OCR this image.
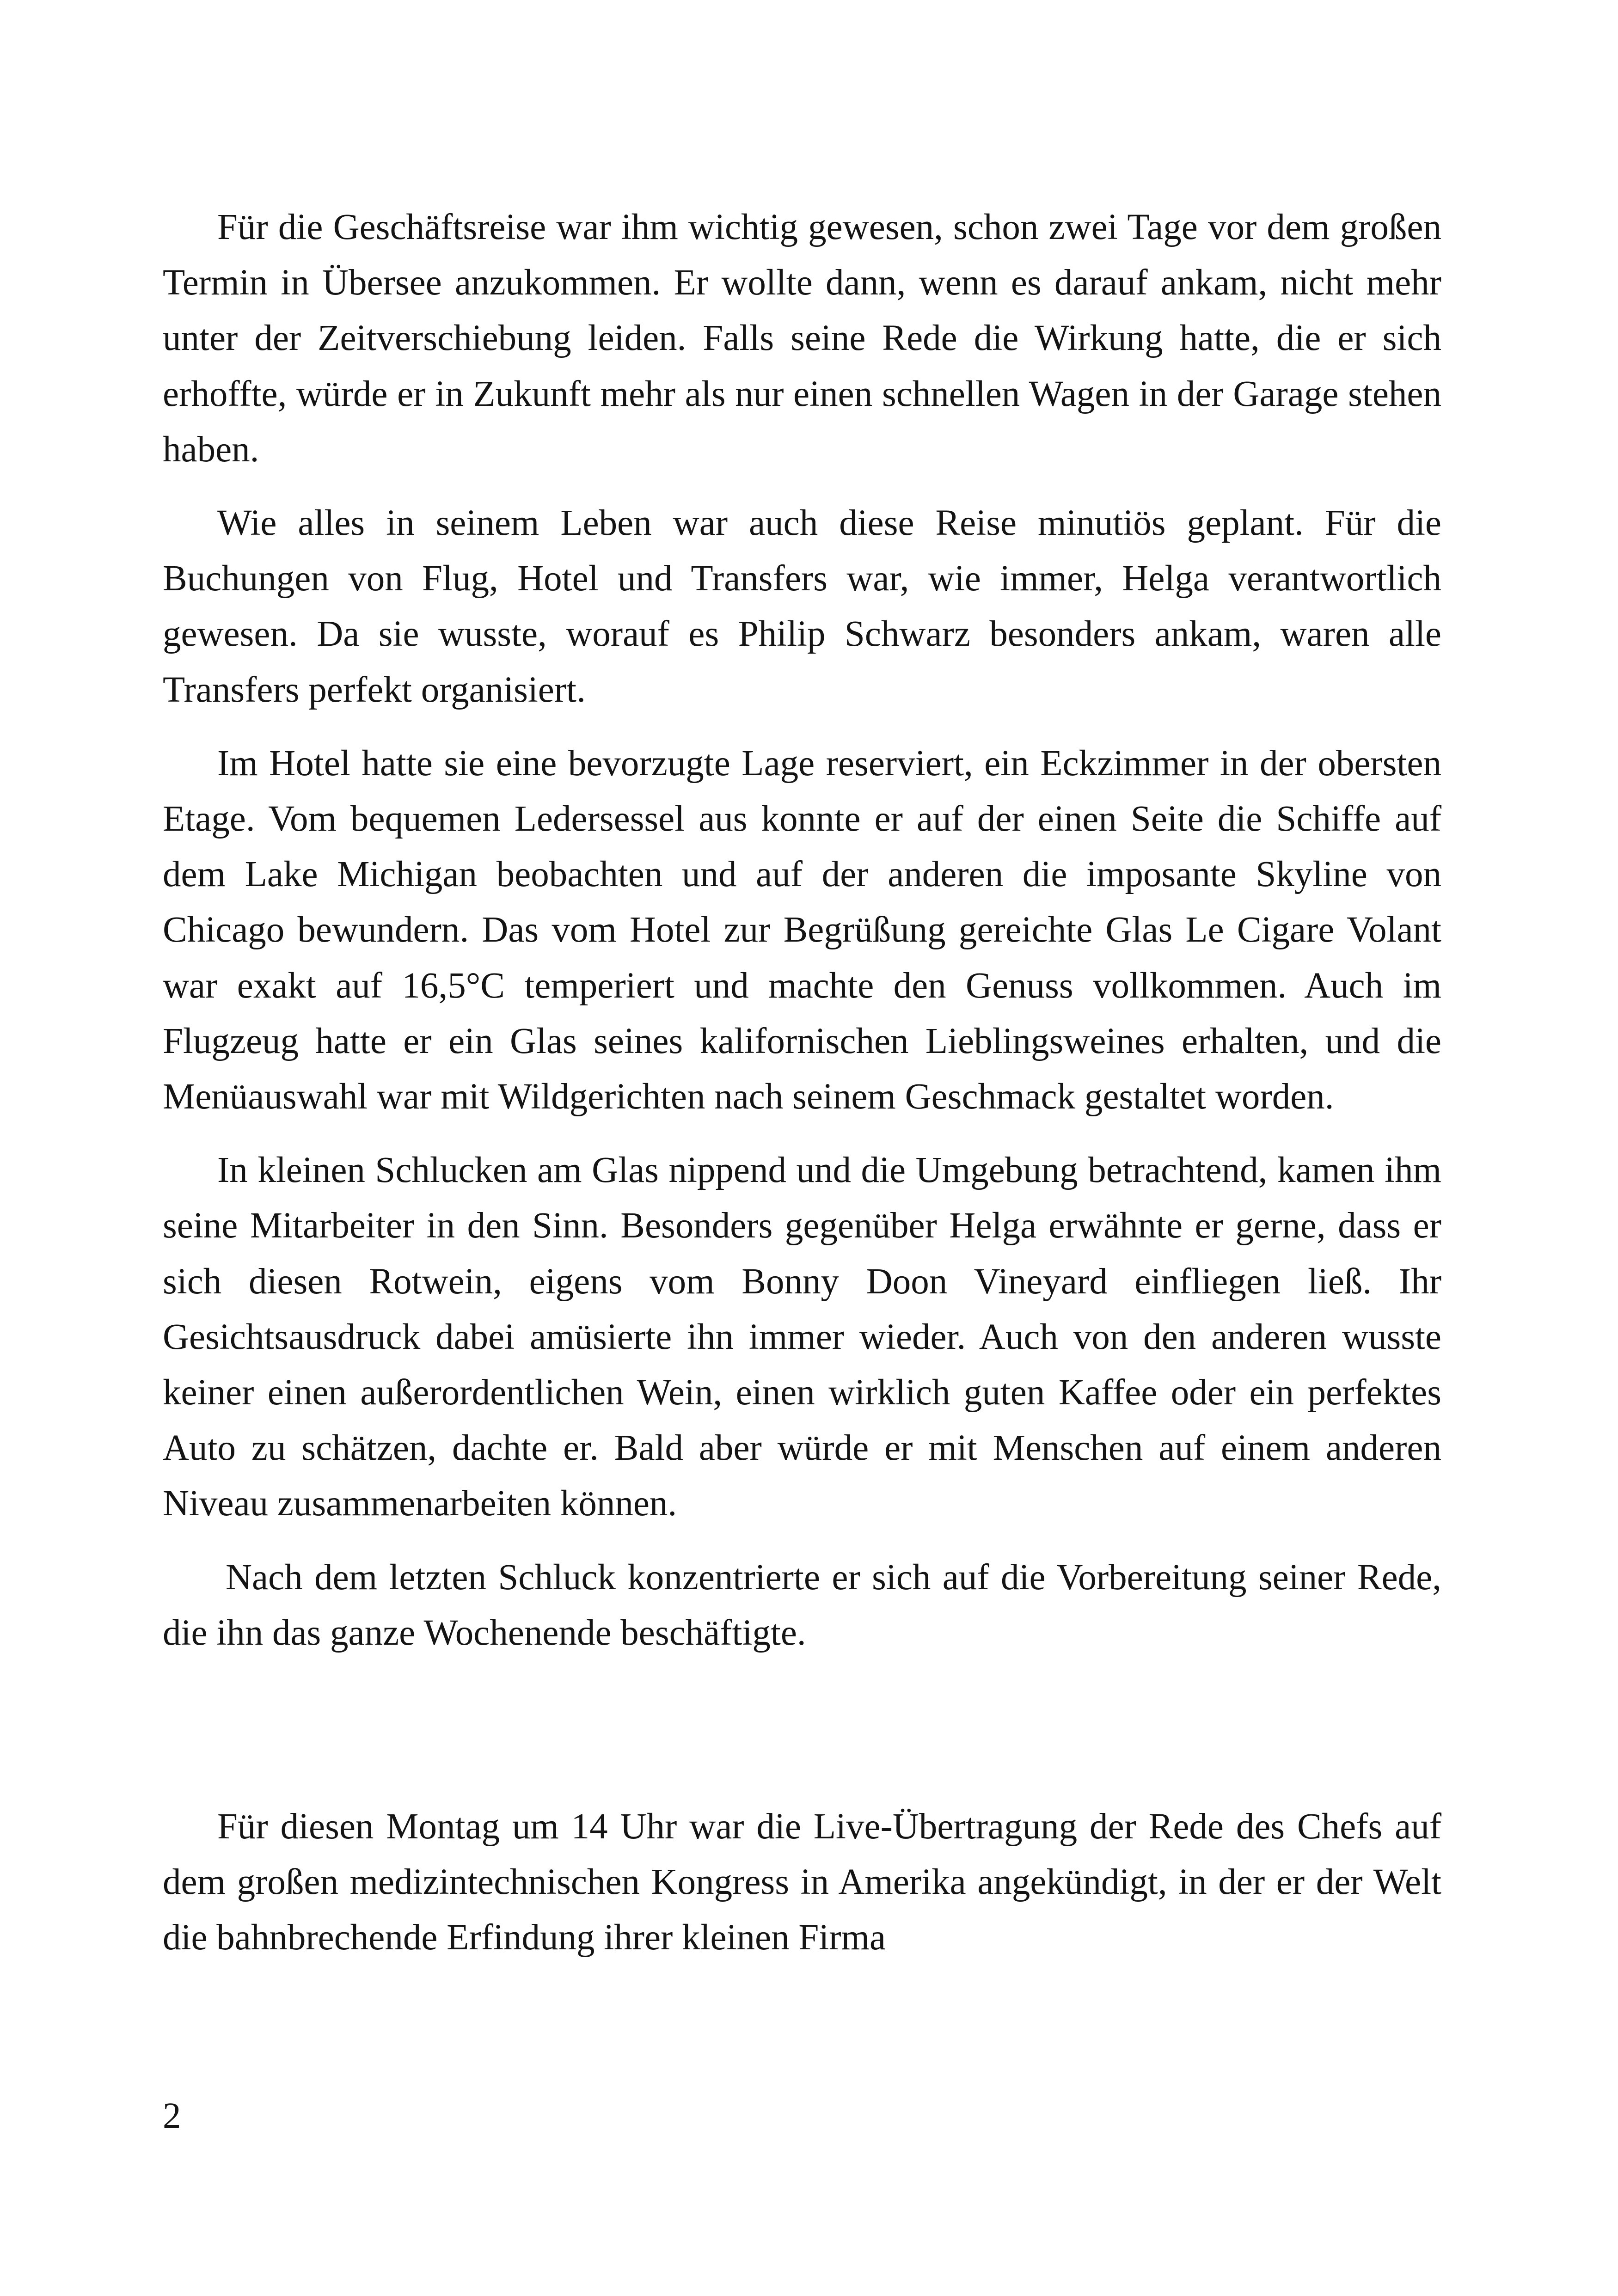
Für die Geschäftsreise war ihm wichtig gewesen, schon zwei Tage vor dem großen Termin in Übersee anzukommen. Er wollte dann, wenn es darauf ankam, nicht mehr unter der Zeitverschiebung leiden. Falls seine Rede die Wirkung hatte, die er sich erhoffte, würde er in Zukunft mehr als nur einen schnellen Wagen in der Garage stehen haben.

Wie alles in seinem Leben war auch diese Reise minutiös geplant. Für die Buchungen von Flug, Hotel und Transfers war, wie immer, Helga verantwortlich gewesen. Da sie wusste, worauf es Philip Schwarz besonders ankam, waren alle Transfers perfekt organisiert.

Im Hotel hatte sie eine bevorzugte Lage reserviert, ein Eckzimmer in der obersten Etage. Vom bequemen Ledersessel aus konnte er auf der einen Seite die Schiffe auf dem Lake Michigan beobachten und auf der anderen die imposante Skyline von Chicago bewundern. Das vom Hotel zur Begrüßung gereichte Glas Le Cigare Volant war exakt auf 16,5°C temperiert und machte den Genuss vollkommen. Auch im Flugzeug hatte er ein Glas seines kalifornischen Lieblingsweines erhalten, und die Menüauswahl war mit Wildgerichten nach seinem Geschmack gestaltet worden.

In kleinen Schlucken am Glas nippend und die Umgebung betrachtend, kamen ihm seine Mitarbeiter in den Sinn. Besonders gegenüber Helga erwähnte er gerne, dass er sich diesen Rotwein, eigens vom Bonny Doon Vineyard einfliegen ließ. Ihr Gesichtsausdruck dabei amüsierte ihn immer wieder. Auch von den anderen wusste keiner einen außerordentlichen Wein, einen wirklich guten Kaffee oder ein perfektes Auto zu schätzen, dachte er. Bald aber würde er mit Menschen auf einem anderen Niveau zusammenarbeiten können.

Nach dem letzten Schluck konzentrierte er sich auf die Vorbereitung seiner Rede, die ihn das ganze Wochenende beschäftigte.

Für diesen Montag um 14 Uhr war die Live-Übertragung der Rede des Chefs auf dem großen medizintechnischen Kongress in Amerika angekündigt, in der er der Welt die bahnbrechende Erfindung ihrer kleinen Firma

2
